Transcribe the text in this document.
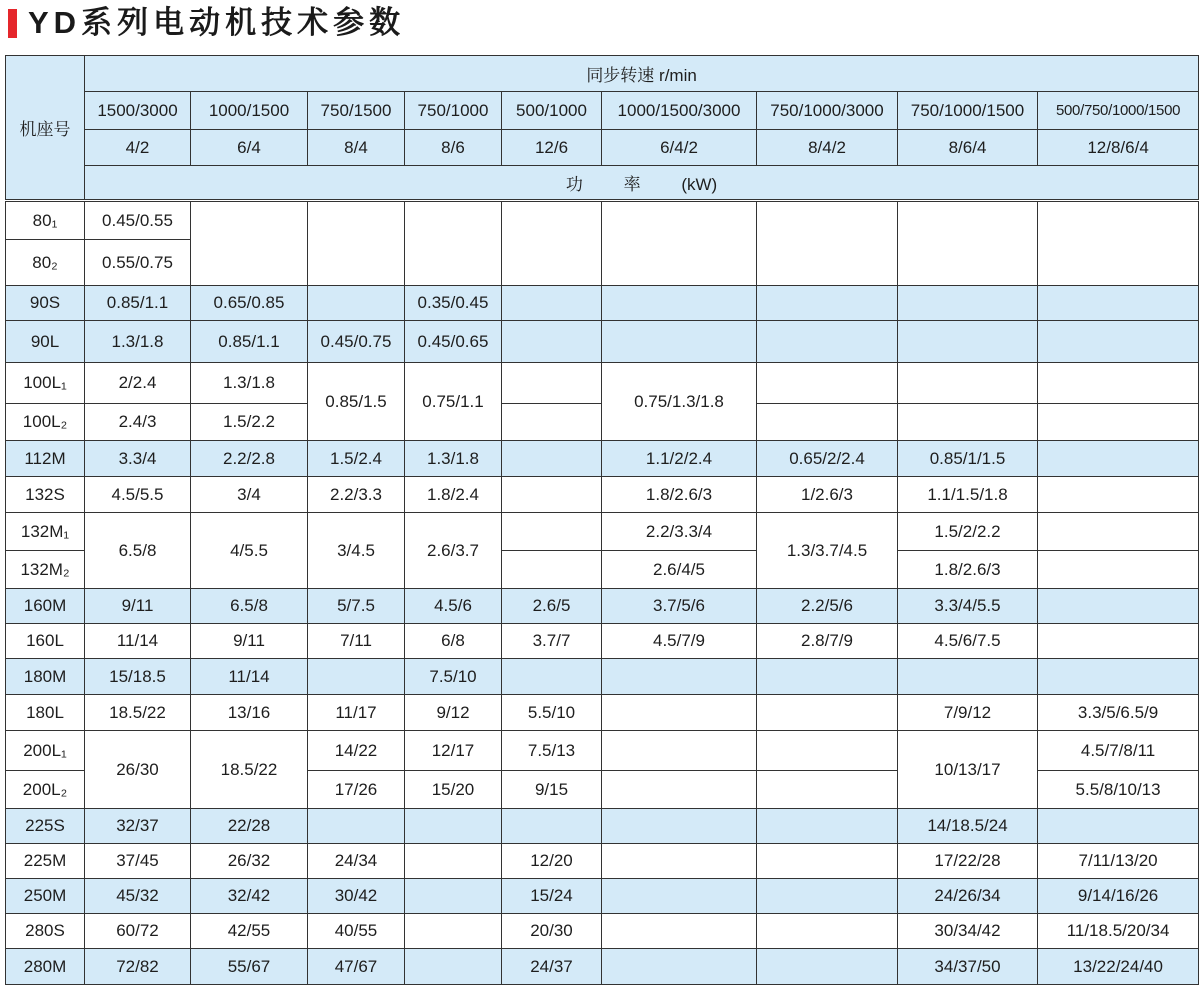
YD系列电动机技术参数
机座号	同步转速 r/min								
	1500/3000	1000/1500	750/1500	750/1000	500/1000	1000/1500/3000	750/1000/3000	750/1000/1500	500/750/1000/1500
	4/2	6/4	8/4	8/6	12/6	6/4/2	8/4/2	8/6/4	12/8/6/4
	功 率 (kW)								
80₁	0.45/0.55								
80₂	0.55/0.75								
90S	0.85/1.1	0.65/0.85		0.35/0.45					
90L	1.3/1.8	0.85/1.1	0.45/0.75	0.45/0.65					
100L₁	2/2.4	1.3/1.8	0.85/1.5	0.75/1.1		0.75/1.3/1.8			
100L₂	2.4/3	1.5/2.2							
112M	3.3/4	2.2/2.8	1.5/2.4	1.3/1.8		1.1/2/2.4	0.65/2/2.4	0.85/1/1.5	
132S	4.5/5.5	3/4	2.2/3.3	1.8/2.4		1.8/2.6/3	1/2.6/3	1.1/1.5/1.8	
132M₁	6.5/8	4/5.5	3/4.5	2.6/3.7		2.2/3.3/4	1.3/3.7/4.5	1.5/2/2.2	
132M₂						2.6/4/5		1.8/2.6/3	
160M	9/11	6.5/8	5/7.5	4.5/6	2.6/5	3.7/5/6	2.2/5/6	3.3/4/5.5	
160L	11/14	9/11	7/11	6/8	3.7/7	4.5/7/9	2.8/7/9	4.5/6/7.5	
180M	15/18.5	11/14		7.5/10					
180L	18.5/22	13/16	11/17	9/12	5.5/10			7/9/12	3.3/5/6.5/9
200L₁	26/30	18.5/22	14/22	12/17	7.5/13			10/13/17	4.5/7/8/11
200L₂			17/26	15/20	9/15				5.5/8/10/13
225S	32/37	22/28						14/18.5/24	
225M	37/45	26/32	24/34		12/20			17/22/28	7/11/13/20
250M	45/32	32/42	30/42		15/24			24/26/34	9/14/16/26
280S	60/72	42/55	40/55		20/30			30/34/42	11/18.5/20/34
280M	72/82	55/67	47/67		24/37			34/37/50	13/22/24/40
